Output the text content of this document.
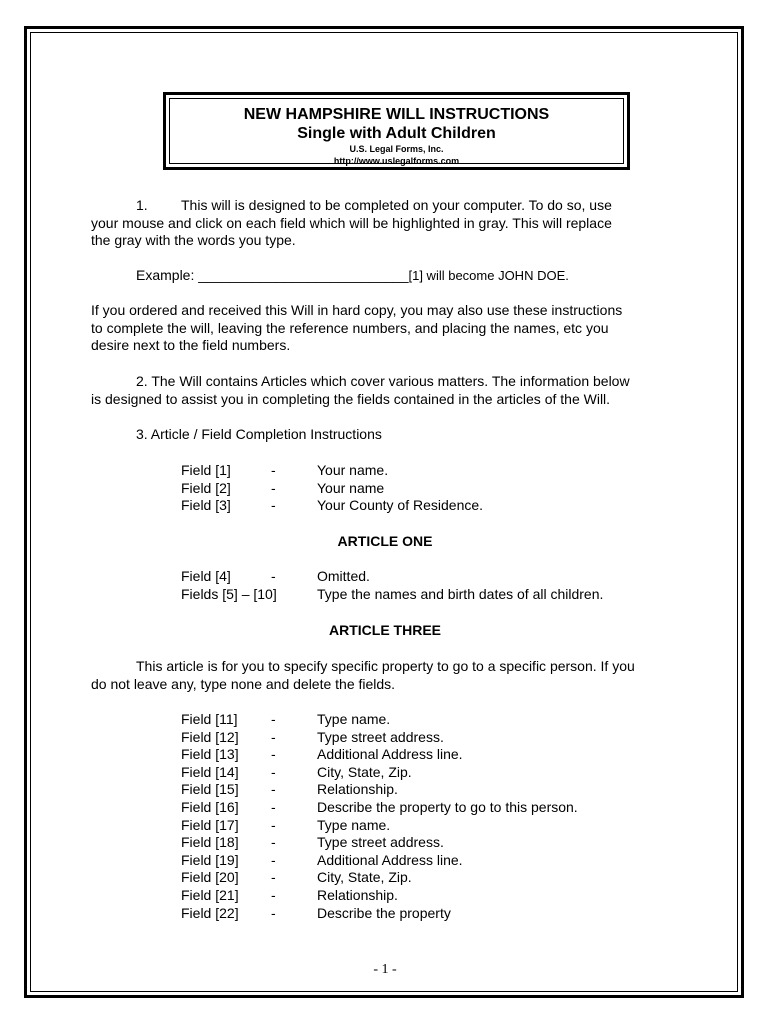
NEW HAMPSHIRE WILL INSTRUCTIONS
Single with Adult Children
U.S. Legal Forms, Inc.
http://www.uslegalforms.com
1. This will is designed to be completed on your computer. To do so, use
your mouse and click on each field which will be highlighted in gray. This will replace
the gray with the words you type.
Example: ___________________________[1] will become JOHN DOE.
If you ordered and received this Will in hard copy, you may also use these instructions
to complete the will, leaving the reference numbers, and placing the names, etc you
desire next to the field numbers.
2. The Will contains Articles which cover various matters. The information below
is designed to assist you in completing the fields contained in the articles of the Will.
3. Article / Field Completion Instructions
Field [1]	-	Your name.
Field [2]	-	Your name
Field [3]	-	Your County of Residence.
ARTICLE ONE
Field [4]	-	Omitted.
Fields [5] – [10]	Type the names and birth dates of all children.
ARTICLE THREE
This article is for you to specify specific property to go to a specific person. If you
do not leave any, type none and delete the fields.
Field [11] -	Type name.
Field [12] -	Type street address.
Field [13] -	Additional Address line.
Field [14] -	City, State, Zip.
Field [15] -	Relationship.
Field [16] -	Describe the property to go to this person.
Field [17] -	Type name.
Field [18] -	Type street address.
Field [19] -	Additional Address line.
Field [20] -	City, State, Zip.
Field [21] -	Relationship.
Field [22] -	Describe the property
- 1 -
